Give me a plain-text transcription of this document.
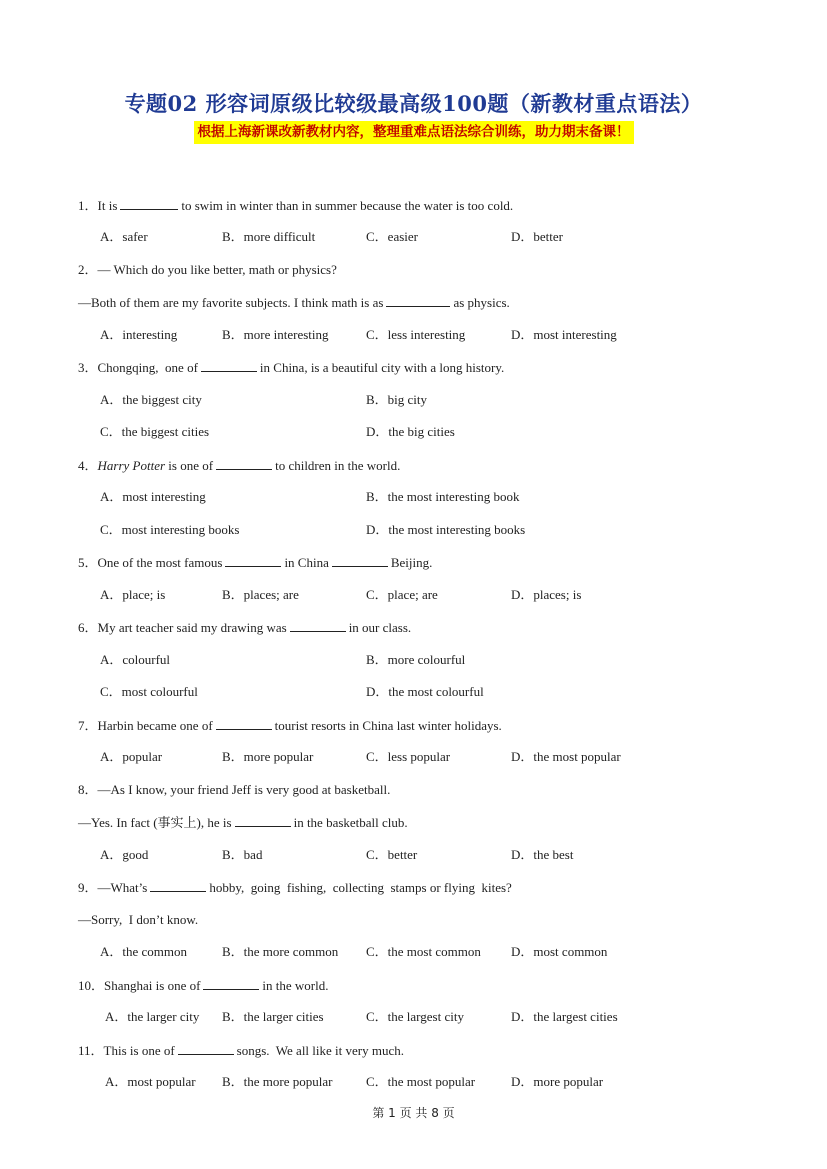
专题02 形容词原级比较级最高级100题（新教材重点语法）
根据上海新课改新教材内容，整理重难点语法综合训练，助力期末备课！
1．It is	to swim in winter than in summer because the water is too cold.
A．safer	B．more difficult	C．easier	D．better
2．— Which do you like better, math or physics?
—Both of them are my favorite subjects. I think math is as	as physics.
A．interesting	B．more interesting	C．less interesting	D．most interesting
3．Chongqing,  one of	in China, is a beautiful city with a long history.
A．the biggest city	B．big city
C．the biggest cities	D．the big cities
4．Harry Potter is one of	to children in the world.
A．most interesting	B．the most interesting book
C．most interesting books	D．the most interesting books
5．One of the most famous	in China	Beijing.
A．place; is	B．places; are	C．place; are	D．places; is
6．My art teacher said my drawing was	in our class.
A．colourful	B．more colourful
C．most colourful	D．the most colourful
7．Harbin became one of	tourist resorts in China last winter holidays.
A．popular	B．more popular	C．less popular	D．the most popular
8．—As I know, your friend Jeff is very good at basketball.
—Yes. In fact (事实上), he is	in the basketball club.
A．good	B．bad	C．better	D．the best
9．—What’s	hobby,  going  fishing,  collecting  stamps or flying  kites?
—Sorry,  I don’t know.
A．the common	B．the more common C．the most common D．most common
10．Shanghai is one of	in the world.
A．the larger city B．the larger cities	C．the largest city	D．the largest cities
11．This is one of	songs.  We all like it very much.
A．most popular B．the more popular	C．the most popular	D．more popular
第 1 页 共 8 页
